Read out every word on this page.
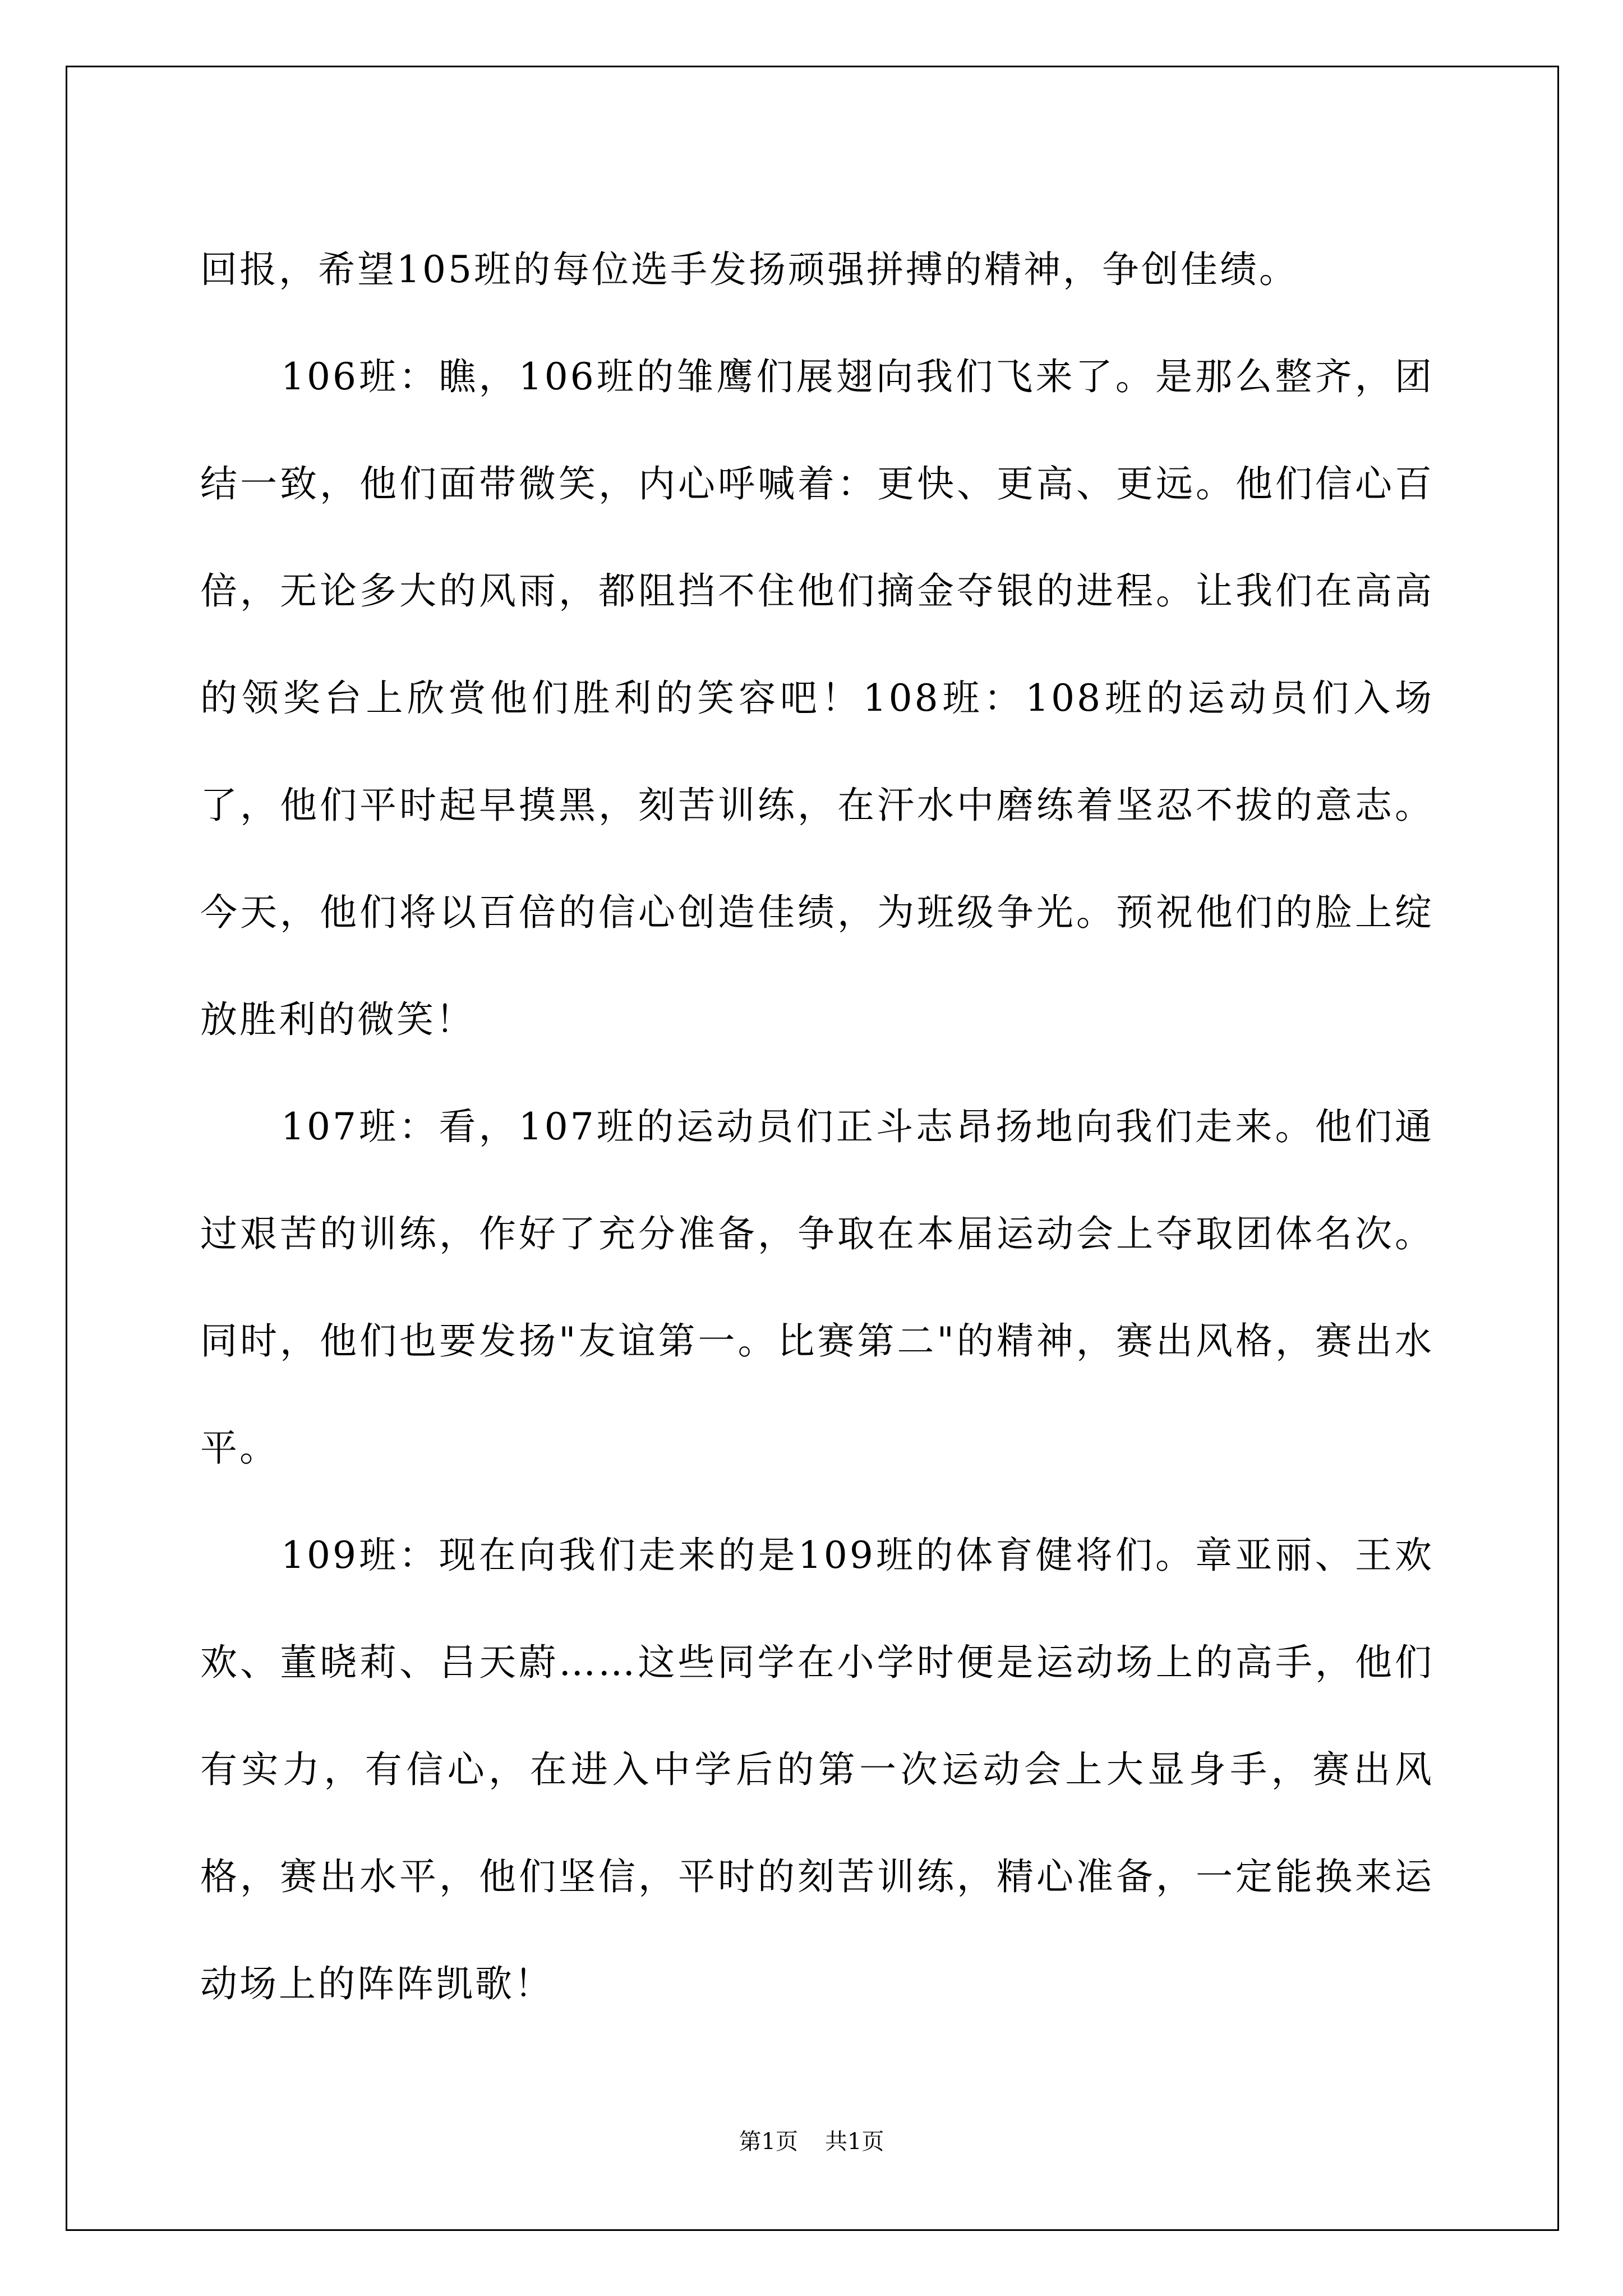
回报，希望105班的每位选手发扬顽强拼搏的精神，争创佳绩。

106班：瞧，106班的雏鹰们展翅向我们飞来了。是那么整齐，团结一致，他们面带微笑，内心呼喊着：更快、更高、更远。他们信心百倍，无论多大的风雨，都阻挡不住他们摘金夺银的进程。让我们在高高的领奖台上欣赏他们胜利的笑容吧！108班：108班的运动员们入场了，他们平时起早摸黑，刻苦训练，在汗水中磨练着坚忍不拔的意志。今天，他们将以百倍的信心创造佳绩，为班级争光。预祝他们的脸上绽放胜利的微笑！

107班：看，107班的运动员们正斗志昂扬地向我们走来。他们通过艰苦的训练，作好了充分准备，争取在本届运动会上夺取团体名次。同时，他们也要发扬"友谊第一。比赛第二"的精神，赛出风格，赛出水平。

109班：现在向我们走来的是109班的体育健将们。章亚丽、王欢欢、董晓莉、吕天蔚……这些同学在小学时便是运动场上的高手，他们有实力，有信心，在进入中学后的第一次运动会上大显身手，赛出风格，赛出水平，他们坚信，平时的刻苦训练，精心准备，一定能换来运动场上的阵阵凯歌！

第1页 共1页
